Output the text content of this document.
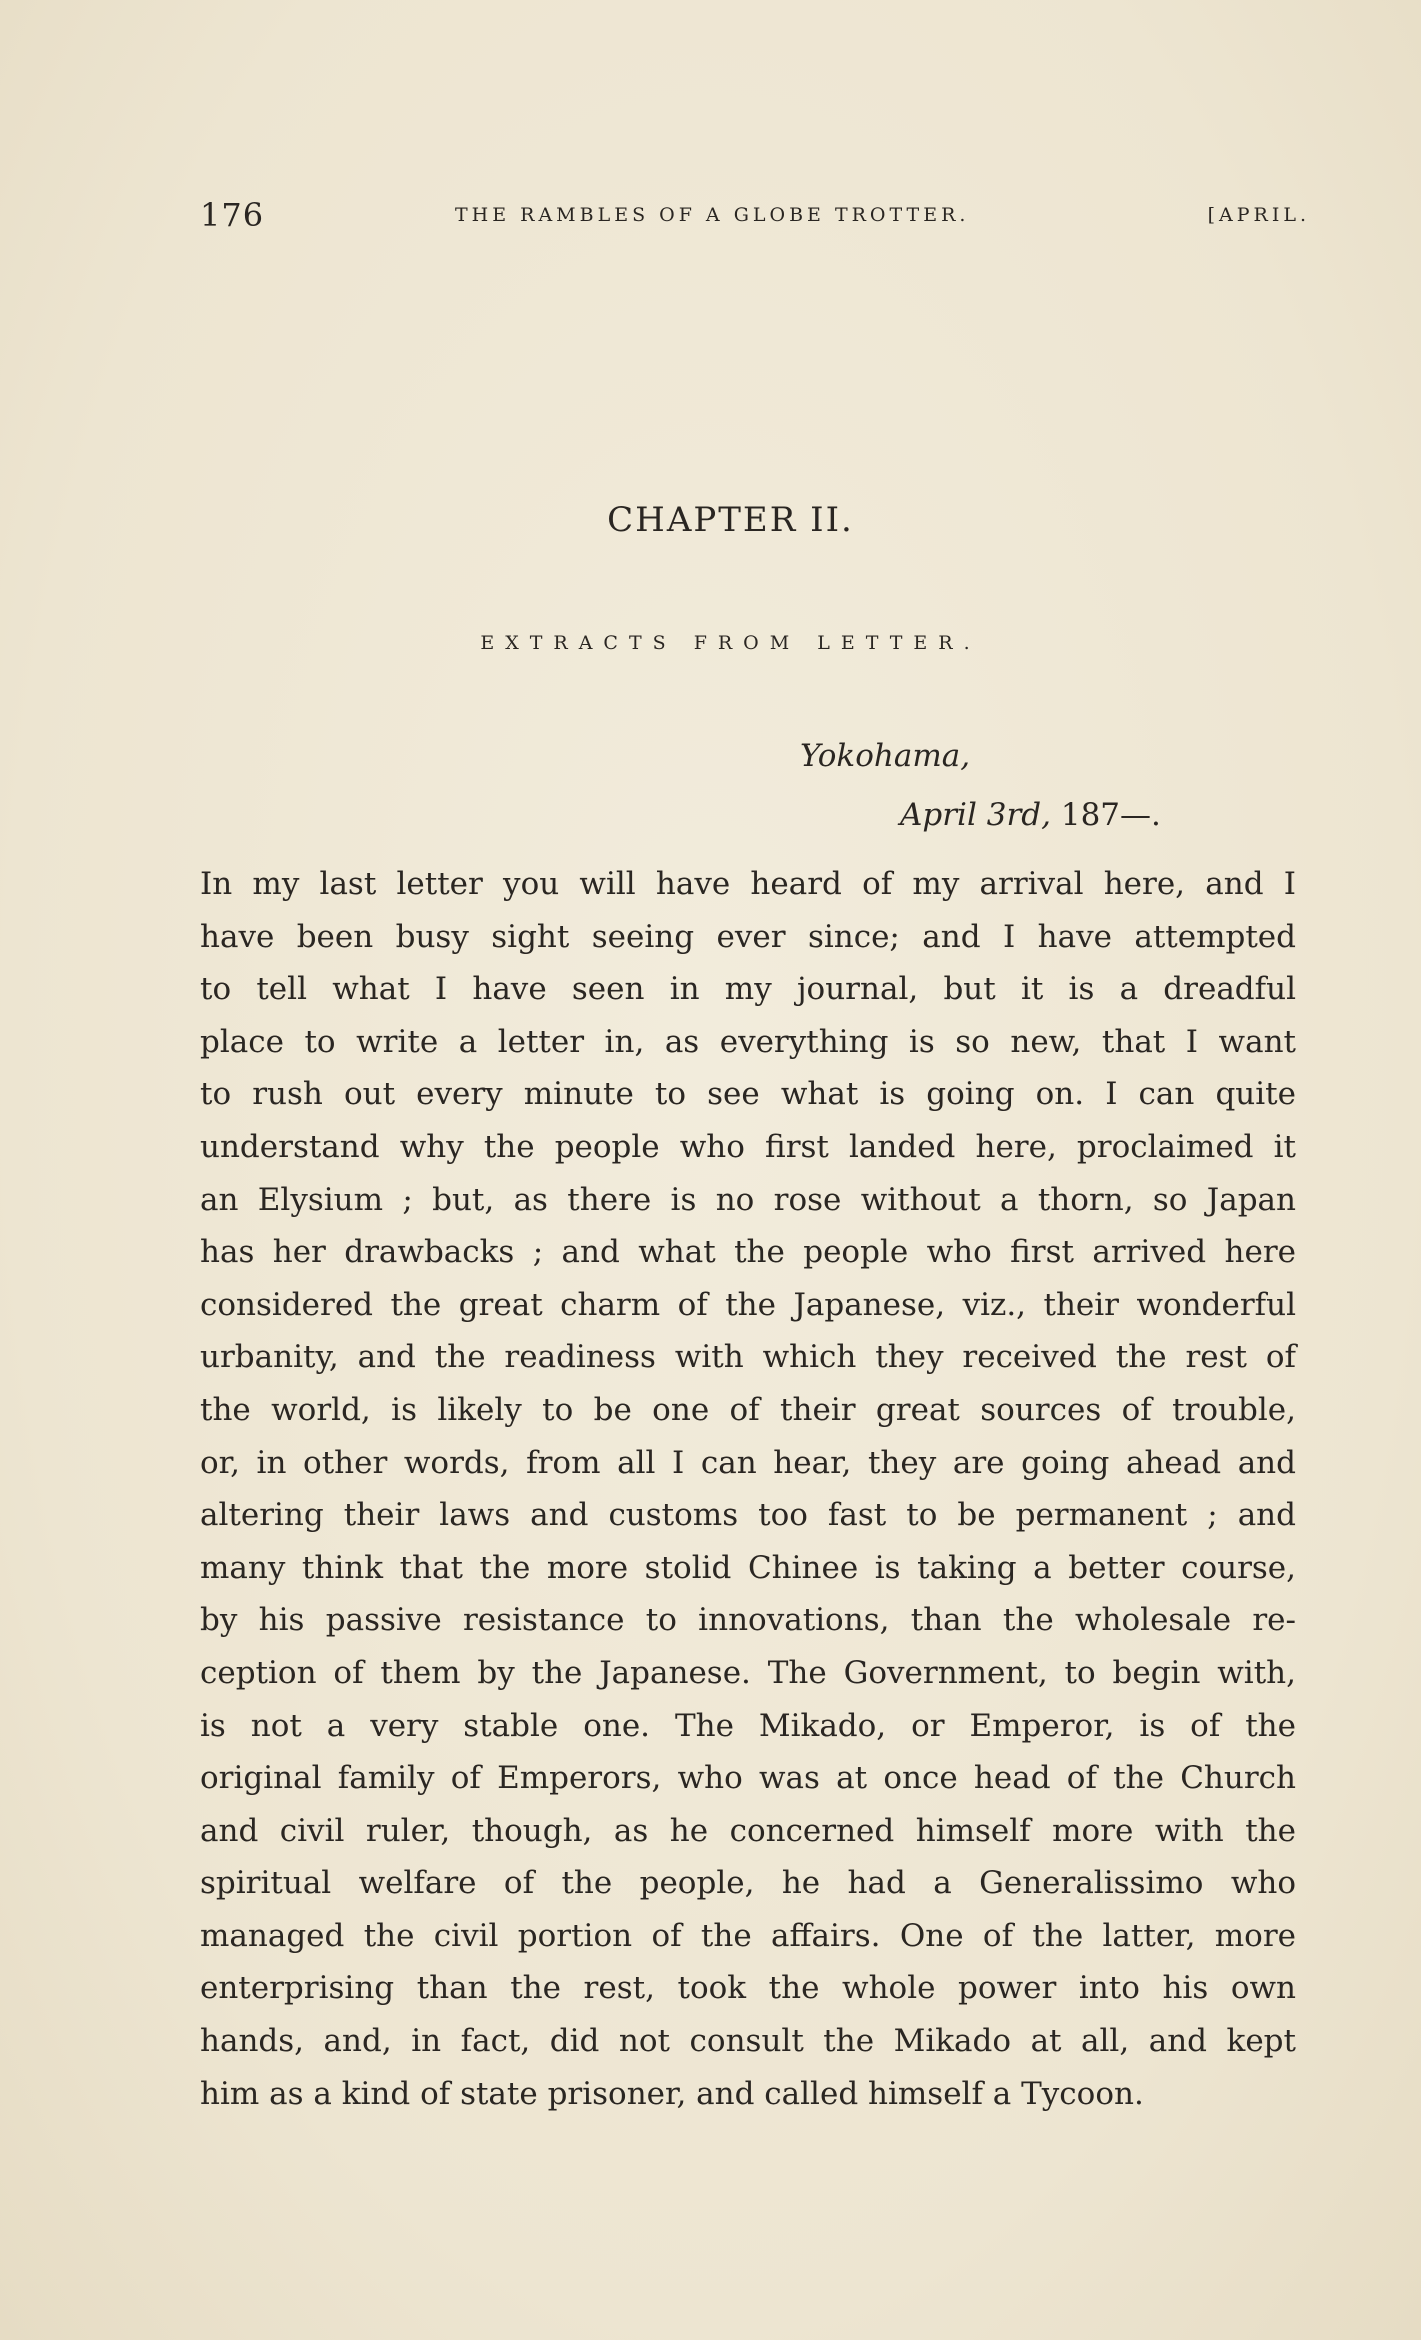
176	THE RAMBLES OF A GLOBE TROTTER.	[APRIL.
CHAPTER II.
EXTRACTS FROM LETTER.
Yokohama,
April 3rd, 187—.
In my last letter you will have heard of my arrival here, and I
have been busy sight seeing ever since; and I have attempted
to tell what I have seen in my journal, but it is a dreadful
place to write a letter in, as everything is so new, that I want
to rush out every minute to see what is going on. I can quite
understand why the people who first landed here, proclaimed it
an Elysium ; but, as there is no rose without a thorn, so Japan
has her drawbacks ; and what the people who first arrived here
considered the great charm of the Japanese, viz., their wonderful
urbanity, and the readiness with which they received the rest of
the world, is likely to be one of their great sources of trouble,
or, in other words, from all I can hear, they are going ahead and
altering their laws and customs too fast to be permanent ; and
many think that the more stolid Chinee is taking a better course,
by his passive resistance to innovations, than the wholesale re-
ception of them by the Japanese. The Government, to begin with,
is not a very stable one. The Mikado, or Emperor, is of the
original family of Emperors, who was at once head of the Church
and civil ruler, though, as he concerned himself more with the
spiritual welfare of the people, he had a Generalissimo who
managed the civil portion of the affairs. One of the latter, more
enterprising than the rest, took the whole power into his own
hands, and, in fact, did not consult the Mikado at all, and kept
him as a kind of state prisoner, and called himself a Tycoon.
